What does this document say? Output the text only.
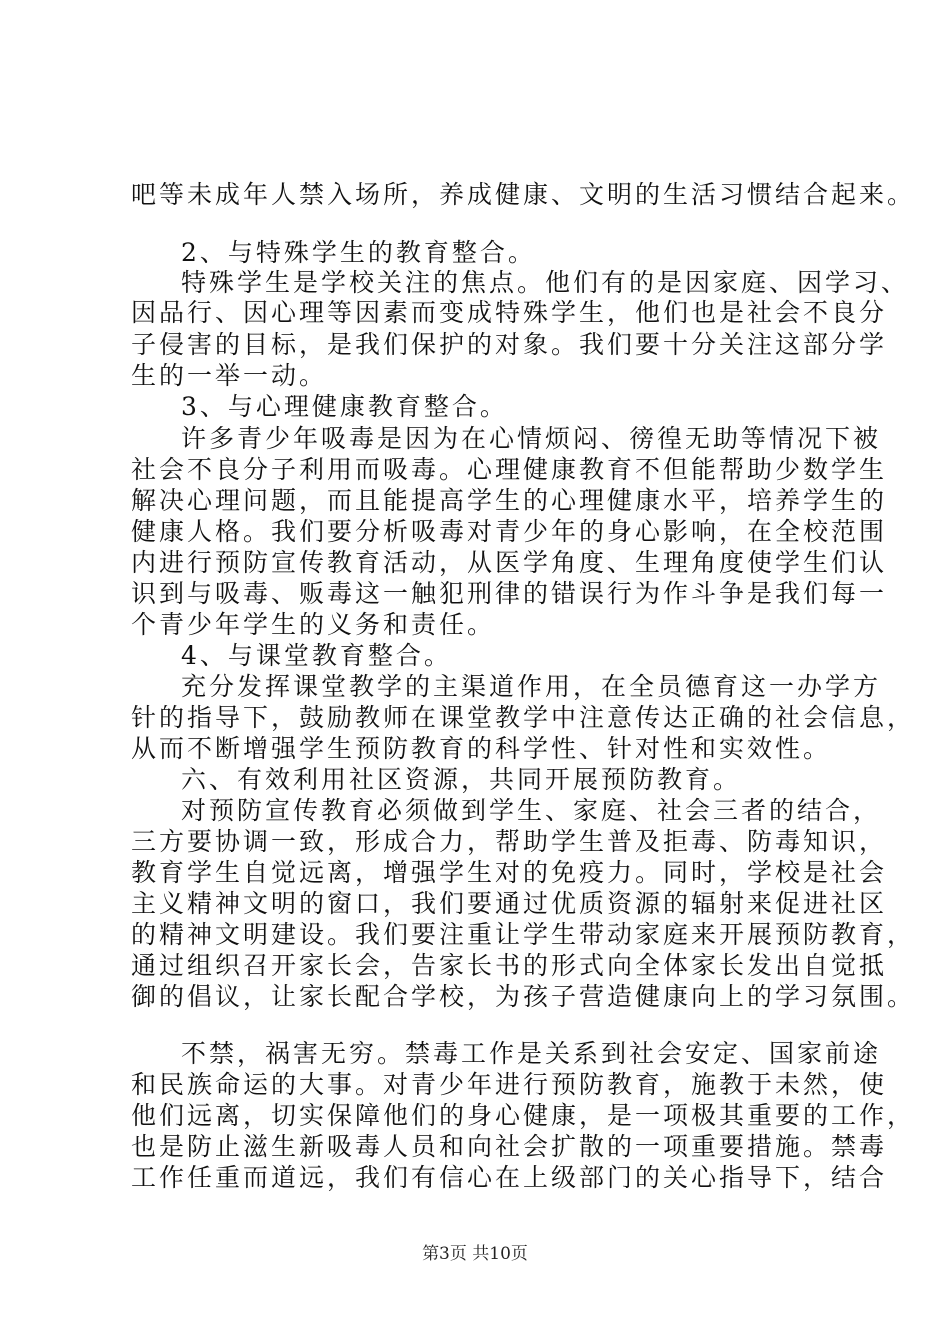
吧等未成年人禁入场所，养成健康、文明的生活习惯结合起来。
2、与特殊学生的教育整合。
特殊学生是学校关注的焦点。他们有的是因家庭、因学习、
因品行、因心理等因素而变成特殊学生，他们也是社会不良分
子侵害的目标，是我们保护的对象。我们要十分关注这部分学
生的一举一动。
3、与心理健康教育整合。
许多青少年吸毒是因为在心情烦闷、徬徨无助等情况下被
社会不良分子利用而吸毒。心理健康教育不但能帮助少数学生
解决心理问题，而且能提高学生的心理健康水平，培养学生的
健康人格。我们要分析吸毒对青少年的身心影响，在全校范围
内进行预防宣传教育活动，从医学角度、生理角度使学生们认
识到与吸毒、贩毒这一触犯刑律的错误行为作斗争是我们每一
个青少年学生的义务和责任。
4、与课堂教育整合。
充分发挥课堂教学的主渠道作用，在全员德育这一办学方
针的指导下，鼓励教师在课堂教学中注意传达正确的社会信息，
从而不断增强学生预防教育的科学性、针对性和实效性。
六、有效利用社区资源，共同开展预防教育。
对预防宣传教育必须做到学生、家庭、社会三者的结合，
三方要协调一致，形成合力，帮助学生普及拒毒、防毒知识，
教育学生自觉远离，增强学生对的免疫力。同时，学校是社会
主义精神文明的窗口，我们要通过优质资源的辐射来促进社区
的精神文明建设。我们要注重让学生带动家庭来开展预防教育，
通过组织召开家长会，告家长书的形式向全体家长发出自觉抵
御的倡议，让家长配合学校，为孩子营造健康向上的学习氛围。
不禁，祸害无穷。禁毒工作是关系到社会安定、国家前途
和民族命运的大事。对青少年进行预防教育，施教于未然，使
他们远离，切实保障他们的身心健康，是一项极其重要的工作，
也是防止滋生新吸毒人员和向社会扩散的一项重要措施。禁毒
工作任重而道远，我们有信心在上级部门的关心指导下，结合
第3页 共10页
